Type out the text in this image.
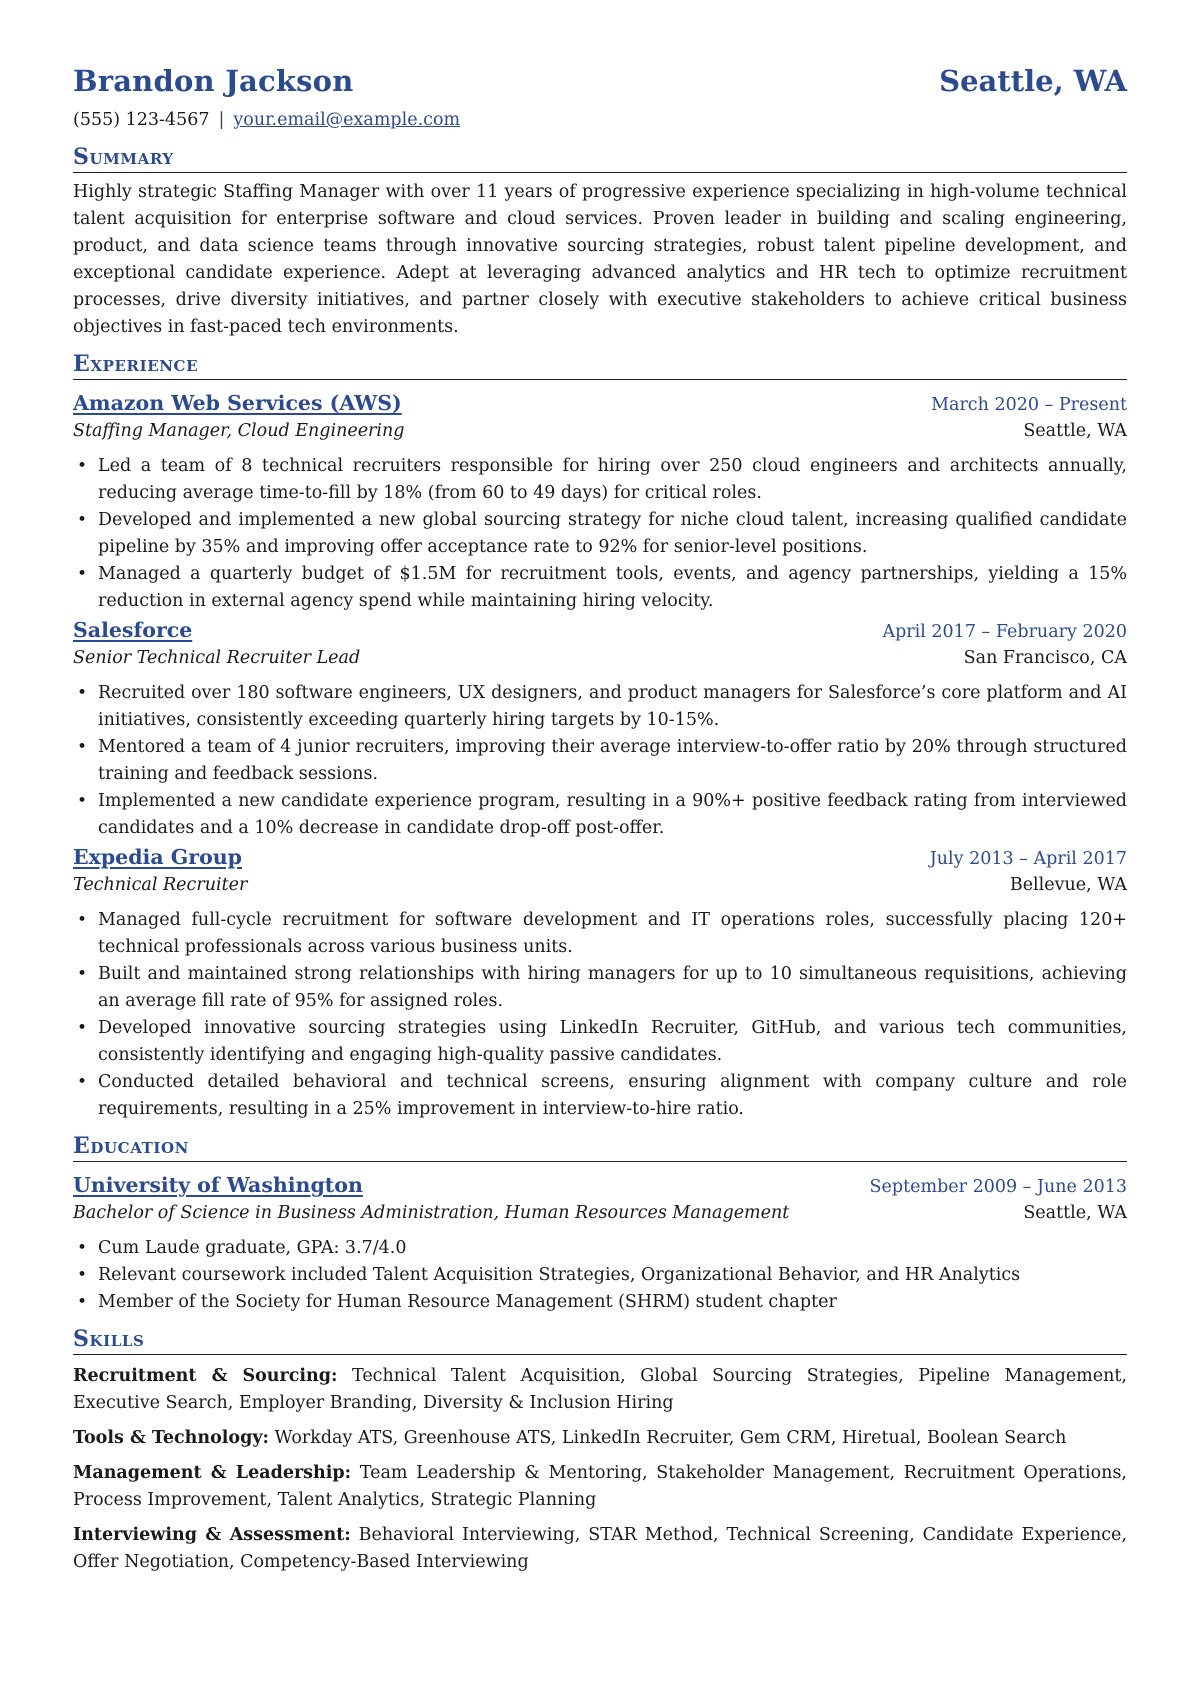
Brandon Jackson	Seattle, WA
(555) 123-4567 | your.email@example.com
Summary
Highly strategic Staffing Manager with over 11 years of progressive experience specializing in high-volume technical talent acquisition for enterprise software and cloud services. Proven leader in building and scaling engineering, product, and data science teams through innovative sourcing strategies, robust talent pipeline development, and exceptional candidate experience. Adept at leveraging advanced analytics and HR tech to optimize recruitment processes, drive diversity initiatives, and partner closely with executive stakeholders to achieve critical business objectives in fast-paced tech environments.
Experience
Amazon Web Services (AWS)	March 2020 – Present
Staffing Manager, Cloud Engineering	Seattle, WA
• Led a team of 8 technical recruiters responsible for hiring over 250 cloud engineers and architects annually, reducing average time-to-fill by 18% (from 60 to 49 days) for critical roles.
• Developed and implemented a new global sourcing strategy for niche cloud talent, increasing qualified candidate pipeline by 35% and improving offer acceptance rate to 92% for senior-level positions.
• Managed a quarterly budget of $1.5M for recruitment tools, events, and agency partnerships, yielding a 15% reduction in external agency spend while maintaining hiring velocity.
Salesforce	April 2017 – February 2020
Senior Technical Recruiter Lead	San Francisco, CA
• Recruited over 180 software engineers, UX designers, and product managers for Salesforce’s core platform and AI initiatives, consistently exceeding quarterly hiring targets by 10-15%.
• Mentored a team of 4 junior recruiters, improving their average interview-to-offer ratio by 20% through structured training and feedback sessions.
• Implemented a new candidate experience program, resulting in a 90%+ positive feedback rating from interviewed candidates and a 10% decrease in candidate drop-off post-offer.
Expedia Group	July 2013 – April 2017
Technical Recruiter	Bellevue, WA
• Managed full-cycle recruitment for software development and IT operations roles, successfully placing 120+ technical professionals across various business units.
• Built and maintained strong relationships with hiring managers for up to 10 simultaneous requisitions, achieving an average fill rate of 95% for assigned roles.
• Developed innovative sourcing strategies using LinkedIn Recruiter, GitHub, and various tech communities, consistently identifying and engaging high-quality passive candidates.
• Conducted detailed behavioral and technical screens, ensuring alignment with company culture and role requirements, resulting in a 25% improvement in interview-to-hire ratio.
Education
University of Washington	September 2009 – June 2013
Bachelor of Science in Business Administration, Human Resources Management	Seattle, WA
• Cum Laude graduate, GPA: 3.7/4.0
• Relevant coursework included Talent Acquisition Strategies, Organizational Behavior, and HR Analytics
• Member of the Society for Human Resource Management (SHRM) student chapter
Skills
Recruitment & Sourcing: Technical Talent Acquisition, Global Sourcing Strategies, Pipeline Management, Executive Search, Employer Branding, Diversity & Inclusion Hiring
Tools & Technology: Workday ATS, Greenhouse ATS, LinkedIn Recruiter, Gem CRM, Hiretual, Boolean Search
Management & Leadership: Team Leadership & Mentoring, Stakeholder Management, Recruitment Operations, Process Improvement, Talent Analytics, Strategic Planning
Interviewing & Assessment: Behavioral Interviewing, STAR Method, Technical Screening, Candidate Experience, Offer Negotiation, Competency-Based Interviewing
